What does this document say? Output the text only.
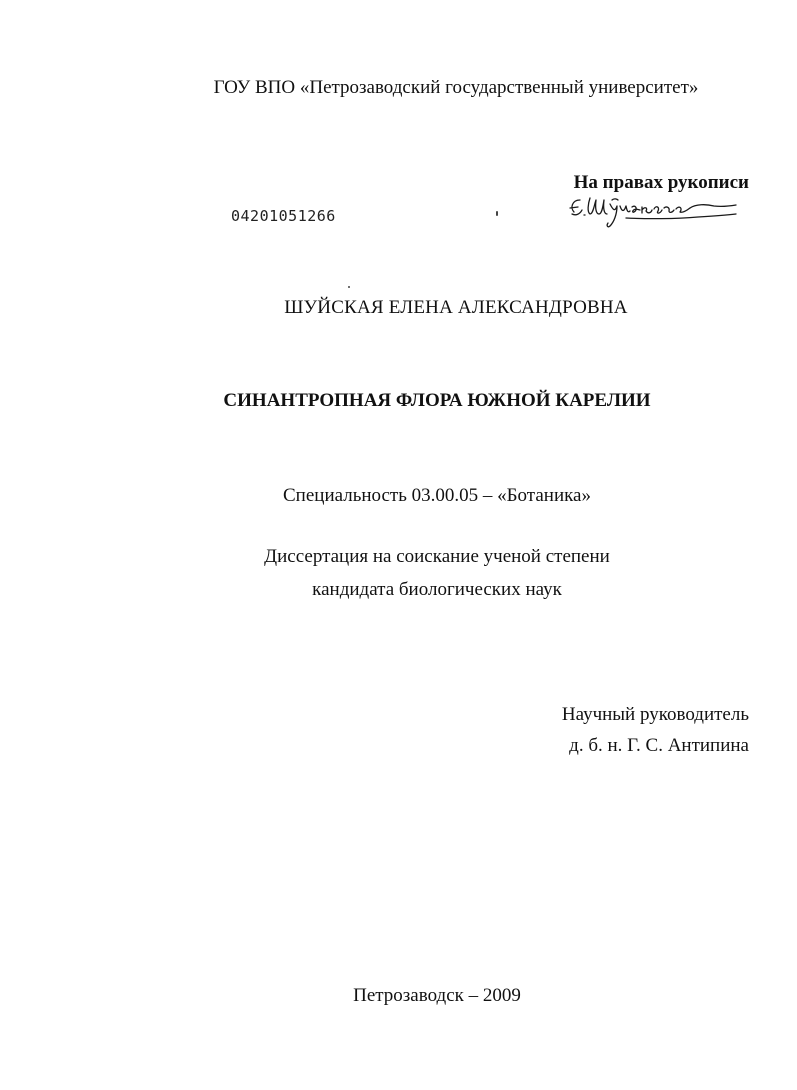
ГОУ ВПО «Петрозаводский государственный университет»
На правах рукописи
04201051266
ШУЙСКАЯ ЕЛЕНА АЛЕКСАНДРОВНА
СИНАНТРОПНАЯ ФЛОРА ЮЖНОЙ КАРЕЛИИ
Специальность 03.00.05 – «Ботаника»
Диссертация на соискание ученой степени
кандидата биологических наук
Научный руководитель
д. б. н. Г. С. Антипина
Петрозаводск – 2009
